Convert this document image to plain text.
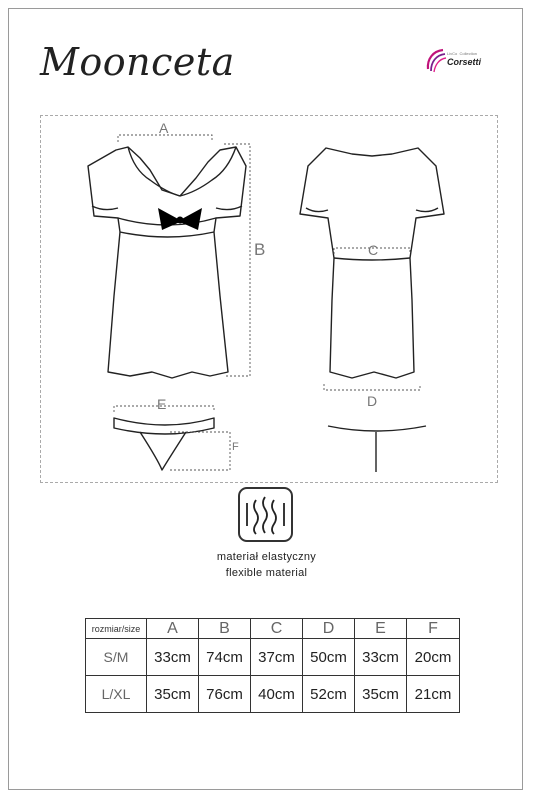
Moonceta	LivCo Collection
Corsetti
A
B	C
D
E
F
materiał elastyczny
flexible material
rozmiar/size	A	B	C	D	E	F
S/M	33cm	74cm	37cm	50cm	33cm	20cm
L/XL	35cm	76cm	40cm	52cm	35cm	21cm
